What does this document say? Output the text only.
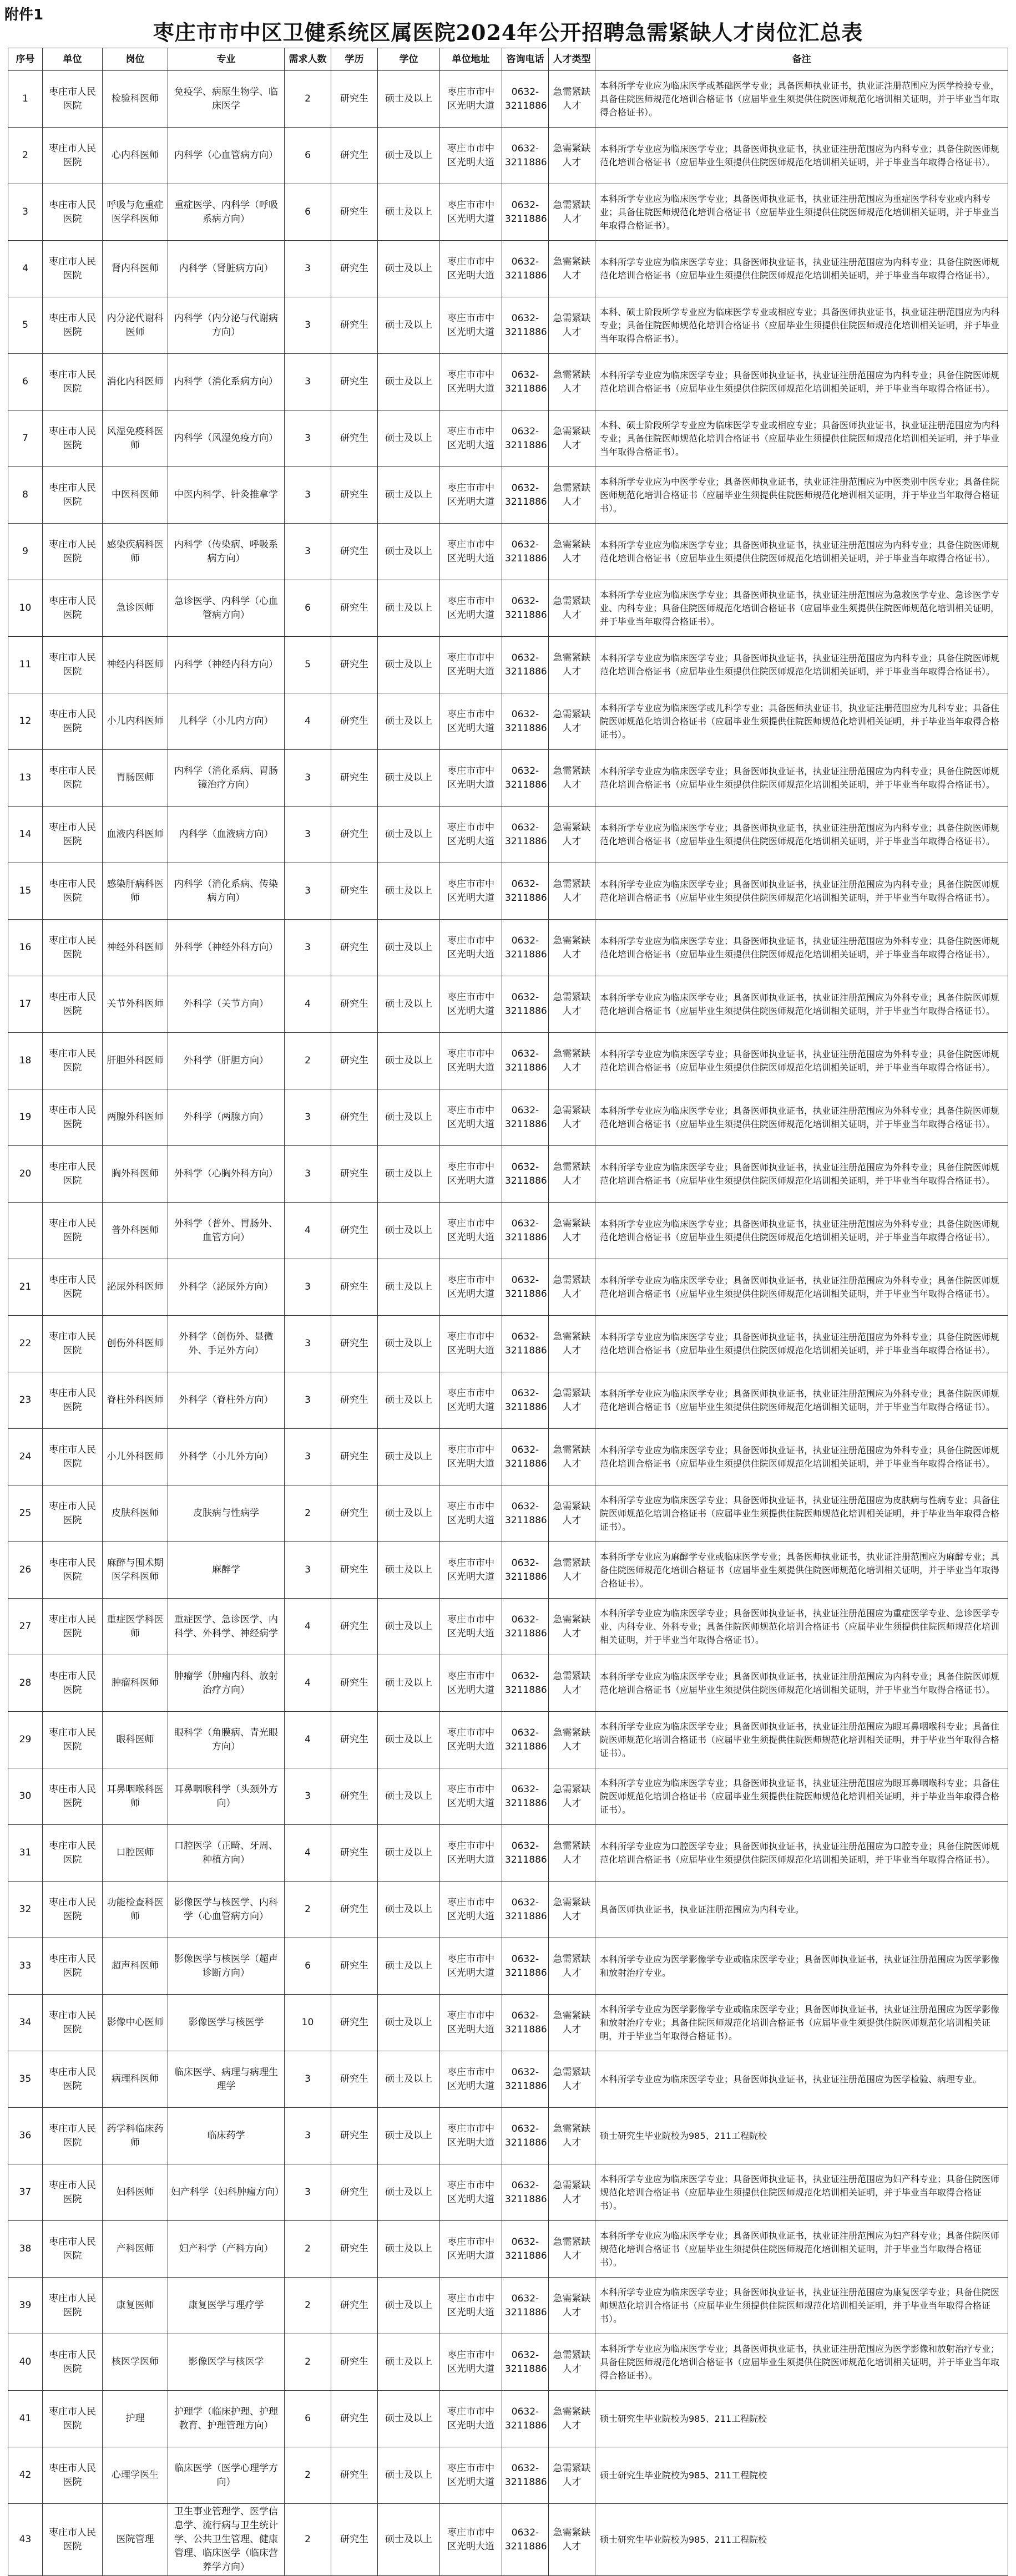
附件1
枣庄市市中区卫健系统区属医院2024年公开招聘急需紧缺人才岗位汇总表
序号	单位	岗位	专业	需求人数	学历	学位	单位地址	咨询电话	人才类型	备注
1	枣庄市人民医院	检验科医师	免疫学、病原生物学、临床医学	2	研究生	硕士及以上	枣庄市市中区光明大道	0632-3211886	急需紧缺人才	本科所学专业应为临床医学或基础医学专业；具备医师执业证书，执业证注册范围应为医学检验专业，具备住院医师规范化培训合格证书（应届毕业生须提供住院医师规范化培训相关证明，并于毕业当年取得合格证书）。
2	枣庄市人民医院	心内科医师	内科学（心血管病方向）	6	研究生	硕士及以上	枣庄市市中区光明大道	0632-3211886	急需紧缺人才	本科所学专业应为临床医学专业；具备医师执业证书，执业证注册范围应为内科专业；具备住院医师规范化培训合格证书（应届毕业生须提供住院医师规范化培训相关证明，并于毕业当年取得合格证书）。
3	枣庄市人民医院	呼吸与危重症医学科医师	重症医学、内科学（呼吸系病方向）	6	研究生	硕士及以上	枣庄市市中区光明大道	0632-3211886	急需紧缺人才	本科所学专业应为临床医学专业；具备医师执业证书，执业证注册范围应为重症医学科专业或内科专业；具备住院医师规范化培训合格证书（应届毕业生须提供住院医师规范化培训相关证明，并于毕业当年取得合格证书）。
4	枣庄市人民医院	肾内科医师	内科学（肾脏病方向）	3	研究生	硕士及以上	枣庄市市中区光明大道	0632-3211886	急需紧缺人才	本科所学专业应为临床医学专业；具备医师执业证书，执业证注册范围应为内科专业；具备住院医师规范化培训合格证书（应届毕业生须提供住院医师规范化培训相关证明，并于毕业当年取得合格证书）。
5	枣庄市人民医院	内分泌代谢科医师	内科学（内分泌与代谢病方向）	3	研究生	硕士及以上	枣庄市市中区光明大道	0632-3211886	急需紧缺人才	本科、硕士阶段所学专业应为临床医学专业或相应专业；具备医师执业证书，执业证注册范围应为内科专业；具备住院医师规范化培训合格证书（应届毕业生须提供住院医师规范化培训相关证明，并于毕业当年取得合格证书）。
6	枣庄市人民医院	消化内科医师	内科学（消化系病方向）	3	研究生	硕士及以上	枣庄市市中区光明大道	0632-3211886	急需紧缺人才	本科所学专业应为临床医学专业；具备医师执业证书，执业证注册范围应为内科专业；具备住院医师规范化培训合格证书（应届毕业生须提供住院医师规范化培训相关证明，并于毕业当年取得合格证书）。
7	枣庄市人民医院	风湿免疫科医师	内科学（风湿免疫方向）	3	研究生	硕士及以上	枣庄市市中区光明大道	0632-3211886	急需紧缺人才	本科、硕士阶段所学专业应为临床医学专业或相应专业；具备医师执业证书，执业证注册范围应为内科专业；具备住院医师规范化培训合格证书（应届毕业生须提供住院医师规范化培训相关证明，并于毕业当年取得合格证书）。
8	枣庄市人民医院	中医科医师	中医内科学、针灸推拿学	3	研究生	硕士及以上	枣庄市市中区光明大道	0632-3211886	急需紧缺人才	本科所学专业应为中医学专业；具备医师执业证书，执业证注册范围应为中医类别中医专业；具备住院医师规范化培训合格证书（应届毕业生须提供住院医师规范化培训相关证明，并于毕业当年取得合格证书）。
9	枣庄市人民医院	感染疾病科医师	内科学（传染病、呼吸系病方向）	3	研究生	硕士及以上	枣庄市市中区光明大道	0632-3211886	急需紧缺人才	本科所学专业应为临床医学专业；具备医师执业证书，执业证注册范围应为内科专业；具备住院医师规范化培训合格证书（应届毕业生须提供住院医师规范化培训相关证明，并于毕业当年取得合格证书）。
10	枣庄市人民医院	急诊医师	急诊医学、内科学（心血管病方向）	6	研究生	硕士及以上	枣庄市市中区光明大道	0632-3211886	急需紧缺人才	本科所学专业应为临床医学专业；具备医师执业证书，执业证注册范围应为急救医学专业、急诊医学专业、内科专业；具备住院医师规范化培训合格证书（应届毕业生须提供住院医师规范化培训相关证明，并于毕业当年取得合格证书）。
11	枣庄市人民医院	神经内科医师	内科学（神经内科方向）	5	研究生	硕士及以上	枣庄市市中区光明大道	0632-3211886	急需紧缺人才	本科所学专业应为临床医学专业；具备医师执业证书，执业证注册范围应为内科专业；具备住院医师规范化培训合格证书（应届毕业生须提供住院医师规范化培训相关证明，并于毕业当年取得合格证书）。
12	枣庄市人民医院	小儿内科医师	儿科学（小儿内方向）	4	研究生	硕士及以上	枣庄市市中区光明大道	0632-3211886	急需紧缺人才	本科所学专业应为临床医学或儿科学专业；具备医师执业证书，执业证注册范围应为儿科专业；具备住院医师规范化培训合格证书（应届毕业生须提供住院医师规范化培训相关证明，并于毕业当年取得合格证书）。
13	枣庄市人民医院	胃肠医师	内科学（消化系病、胃肠镜治疗方向）	3	研究生	硕士及以上	枣庄市市中区光明大道	0632-3211886	急需紧缺人才	本科所学专业应为临床医学专业；具备医师执业证书，执业证注册范围应为内科专业；具备住院医师规范化培训合格证书（应届毕业生须提供住院医师规范化培训相关证明，并于毕业当年取得合格证书）。
14	枣庄市人民医院	血液内科医师	内科学（血液病方向）	3	研究生	硕士及以上	枣庄市市中区光明大道	0632-3211886	急需紧缺人才	本科所学专业应为临床医学专业；具备医师执业证书，执业证注册范围应为内科专业；具备住院医师规范化培训合格证书（应届毕业生须提供住院医师规范化培训相关证明，并于毕业当年取得合格证书）。
15	枣庄市人民医院	感染肝病科医师	内科学（消化系病、传染病方向）	3	研究生	硕士及以上	枣庄市市中区光明大道	0632-3211886	急需紧缺人才	本科所学专业应为临床医学专业；具备医师执业证书，执业证注册范围应为内科专业；具备住院医师规范化培训合格证书（应届毕业生须提供住院医师规范化培训相关证明，并于毕业当年取得合格证书）。
16	枣庄市人民医院	神经外科医师	外科学（神经外科方向）	3	研究生	硕士及以上	枣庄市市中区光明大道	0632-3211886	急需紧缺人才	本科所学专业应为临床医学专业；具备医师执业证书，执业证注册范围应为外科专业；具备住院医师规范化培训合格证书（应届毕业生须提供住院医师规范化培训相关证明，并于毕业当年取得合格证书）。
17	枣庄市人民医院	关节外科医师	外科学（关节方向）	4	研究生	硕士及以上	枣庄市市中区光明大道	0632-3211886	急需紧缺人才	本科所学专业应为临床医学专业；具备医师执业证书，执业证注册范围应为外科专业；具备住院医师规范化培训合格证书（应届毕业生须提供住院医师规范化培训相关证明，并于毕业当年取得合格证书）。
18	枣庄市人民医院	肝胆外科医师	外科学（肝胆方向）	2	研究生	硕士及以上	枣庄市市中区光明大道	0632-3211886	急需紧缺人才	本科所学专业应为临床医学专业；具备医师执业证书，执业证注册范围应为外科专业；具备住院医师规范化培训合格证书（应届毕业生须提供住院医师规范化培训相关证明，并于毕业当年取得合格证书）。
19	枣庄市人民医院	两腺外科医师	外科学（两腺方向）	3	研究生	硕士及以上	枣庄市市中区光明大道	0632-3211886	急需紧缺人才	本科所学专业应为临床医学专业；具备医师执业证书，执业证注册范围应为外科专业；具备住院医师规范化培训合格证书（应届毕业生须提供住院医师规范化培训相关证明，并于毕业当年取得合格证书）。
20	枣庄市人民医院	胸外科医师	外科学（心胸外科方向）	3	研究生	硕士及以上	枣庄市市中区光明大道	0632-3211886	急需紧缺人才	本科所学专业应为临床医学专业；具备医师执业证书，执业证注册范围应为外科专业；具备住院医师规范化培训合格证书（应届毕业生须提供住院医师规范化培训相关证明，并于毕业当年取得合格证书）。
	枣庄市人民医院	普外科医师	外科学（普外、胃肠外、血管方向）	4	研究生	硕士及以上	枣庄市市中区光明大道	0632-3211886	急需紧缺人才	本科所学专业应为临床医学专业；具备医师执业证书，执业证注册范围应为外科专业；具备住院医师规范化培训合格证书（应届毕业生须提供住院医师规范化培训相关证明，并于毕业当年取得合格证书）。
21	枣庄市人民医院	泌尿外科医师	外科学（泌尿外方向）	3	研究生	硕士及以上	枣庄市市中区光明大道	0632-3211886	急需紧缺人才	本科所学专业应为临床医学专业；具备医师执业证书，执业证注册范围应为外科专业；具备住院医师规范化培训合格证书（应届毕业生须提供住院医师规范化培训相关证明，并于毕业当年取得合格证书）。
22	枣庄市人民医院	创伤外科医师	外科学（创伤外、显微外、手足外方向）	3	研究生	硕士及以上	枣庄市市中区光明大道	0632-3211886	急需紧缺人才	本科所学专业应为临床医学专业；具备医师执业证书，执业证注册范围应为外科专业；具备住院医师规范化培训合格证书（应届毕业生须提供住院医师规范化培训相关证明，并于毕业当年取得合格证书）。
23	枣庄市人民医院	脊柱外科医师	外科学（脊柱外方向）	3	研究生	硕士及以上	枣庄市市中区光明大道	0632-3211886	急需紧缺人才	本科所学专业应为临床医学专业；具备医师执业证书，执业证注册范围应为外科专业；具备住院医师规范化培训合格证书（应届毕业生须提供住院医师规范化培训相关证明，并于毕业当年取得合格证书）。
24	枣庄市人民医院	小儿外科医师	外科学（小儿外方向）	3	研究生	硕士及以上	枣庄市市中区光明大道	0632-3211886	急需紧缺人才	本科所学专业应为临床医学专业；具备医师执业证书，执业证注册范围应为外科专业；具备住院医师规范化培训合格证书（应届毕业生须提供住院医师规范化培训相关证明，并于毕业当年取得合格证书）。
25	枣庄市人民医院	皮肤科医师	皮肤病与性病学	2	研究生	硕士及以上	枣庄市市中区光明大道	0632-3211886	急需紧缺人才	本科所学专业应为临床医学专业；具备医师执业证书，执业证注册范围应为皮肤病与性病专业；具备住院医师规范化培训合格证书（应届毕业生须提供住院医师规范化培训相关证明，并于毕业当年取得合格证书）。
26	枣庄市人民医院	麻醉与围术期医学科医师	麻醉学	3	研究生	硕士及以上	枣庄市市中区光明大道	0632-3211886	急需紧缺人才	本科所学专业应为麻醉学专业或临床医学专业；具备医师执业证书，执业证注册范围应为麻醉专业；具备住院医师规范化培训合格证书（应届毕业生须提供住院医师规范化培训相关证明，并于毕业当年取得合格证书）。
27	枣庄市人民医院	重症医学科医师	重症医学、急诊医学、内科学、外科学、神经病学	4	研究生	硕士及以上	枣庄市市中区光明大道	0632-3211886	急需紧缺人才	本科所学专业应为临床医学专业；具备医师执业证书，执业证注册范围应为重症医学专业、急诊医学专业、内科专业、外科专业；具备住院医师规范化培训合格证书（应届毕业生须提供住院医师规范化培训相关证明，并于毕业当年取得合格证书）。
28	枣庄市人民医院	肿瘤科医师	肿瘤学（肿瘤内科、放射治疗方向）	4	研究生	硕士及以上	枣庄市市中区光明大道	0632-3211886	急需紧缺人才	本科所学专业应为临床医学专业；具备医师执业证书，执业证注册范围应为内科专业；具备住院医师规范化培训合格证书（应届毕业生须提供住院医师规范化培训相关证明，并于毕业当年取得合格证书）。
29	枣庄市人民医院	眼科医师	眼科学（角膜病、青光眼方向）	4	研究生	硕士及以上	枣庄市市中区光明大道	0632-3211886	急需紧缺人才	本科所学专业应为临床医学专业；具备医师执业证书，执业证注册范围应为眼耳鼻咽喉科专业；具备住院医师规范化培训合格证书（应届毕业生须提供住院医师规范化培训相关证明，并于毕业当年取得合格证书）。
30	枣庄市人民医院	耳鼻咽喉科医师	耳鼻咽喉科学（头颈外方向）	3	研究生	硕士及以上	枣庄市市中区光明大道	0632-3211886	急需紧缺人才	本科所学专业应为临床医学专业；具备医师执业证书，执业证注册范围应为眼耳鼻咽喉科专业；具备住院医师规范化培训合格证书（应届毕业生须提供住院医师规范化培训相关证明，并于毕业当年取得合格证书）。
31	枣庄市人民医院	口腔医师	口腔医学（正畸、牙周、种植方向）	4	研究生	硕士及以上	枣庄市市中区光明大道	0632-3211886	急需紧缺人才	本科所学专业应为口腔医学专业；具备医师执业证书，执业证注册范围应为口腔专业；具备住院医师规范化培训合格证书（应届毕业生须提供住院医师规范化培训相关证明，并于毕业当年取得合格证书）。
32	枣庄市人民医院	功能检查科医师	影像医学与核医学、内科学（心血管病方向）	2	研究生	硕士及以上	枣庄市市中区光明大道	0632-3211886	急需紧缺人才	具备医师执业证书，执业证注册范围应为内科专业。
33	枣庄市人民医院	超声科医师	影像医学与核医学（超声诊断方向）	6	研究生	硕士及以上	枣庄市市中区光明大道	0632-3211886	急需紧缺人才	本科所学专业应为医学影像学专业或临床医学专业；具备医师执业证书，执业证注册范围应为医学影像和放射治疗专业。
34	枣庄市人民医院	影像中心医师	影像医学与核医学	10	研究生	硕士及以上	枣庄市市中区光明大道	0632-3211886	急需紧缺人才	本科所学专业应为医学影像学专业或临床医学专业；具备医师执业证书，执业证注册范围应为医学影像和放射治疗专业；具备住院医师规范化培训合格证书（应届毕业生须提供住院医师规范化培训相关证明，并于毕业当年取得合格证书）。
35	枣庄市人民医院	病理科医师	临床医学、病理与病理生理学	3	研究生	硕士及以上	枣庄市市中区光明大道	0632-3211886	急需紧缺人才	本科所学专业应为临床医学专业；具备医师执业证书，执业证注册范围应为医学检验、病理专业。
36	枣庄市人民医院	药学科临床药师	临床药学	3	研究生	硕士及以上	枣庄市市中区光明大道	0632-3211886	急需紧缺人才	硕士研究生毕业院校为985、211工程院校
37	枣庄市人民医院	妇科医师	妇产科学（妇科肿瘤方向）	3	研究生	硕士及以上	枣庄市市中区光明大道	0632-3211886	急需紧缺人才	本科所学专业应为临床医学专业；具备医师执业证书，执业证注册范围应为妇产科专业；具备住院医师规范化培训合格证书（应届毕业生须提供住院医师规范化培训相关证明，并于毕业当年取得合格证书）。
38	枣庄市人民医院	产科医师	妇产科学（产科方向）	2	研究生	硕士及以上	枣庄市市中区光明大道	0632-3211886	急需紧缺人才	本科所学专业应为临床医学专业；具备医师执业证书，执业证注册范围应为妇产科专业；具备住院医师规范化培训合格证书（应届毕业生须提供住院医师规范化培训相关证明，并于毕业当年取得合格证书）。
39	枣庄市人民医院	康复医师	康复医学与理疗学	2	研究生	硕士及以上	枣庄市市中区光明大道	0632-3211886	急需紧缺人才	本科所学专业应为临床医学专业；具备医师执业证书，执业证注册范围应为康复医学专业；具备住院医师规范化培训合格证书（应届毕业生须提供住院医师规范化培训相关证明，并于毕业当年取得合格证书）。
40	枣庄市人民医院	核医学医师	影像医学与核医学	2	研究生	硕士及以上	枣庄市市中区光明大道	0632-3211886	急需紧缺人才	本科所学专业应为临床医学专业；具备医师执业证书，执业证注册范围应为医学影像和放射治疗专业；具备住院医师规范化培训合格证书（应届毕业生须提供住院医师规范化培训相关证明，并于毕业当年取得合格证书）。
41	枣庄市人民医院	护理	护理学（临床护理、护理教育、护理管理方向）	6	研究生	硕士及以上	枣庄市市中区光明大道	0632-3211886	急需紧缺人才	硕士研究生毕业院校为985、211工程院校
42	枣庄市人民医院	心理学医生	临床医学（医学心理学方向）	2	研究生	硕士及以上	枣庄市市中区光明大道	0632-3211886	急需紧缺人才	硕士研究生毕业院校为985、211工程院校
43	枣庄市人民医院	医院管理	卫生事业管理学、医学信息学、流行病与卫生统计学、公共卫生管理、健康管理、临床医学（临床营养学方向）	2	研究生	硕士及以上	枣庄市市中区光明大道	0632-3211886	急需紧缺人才	硕士研究生毕业院校为985、211工程院校
